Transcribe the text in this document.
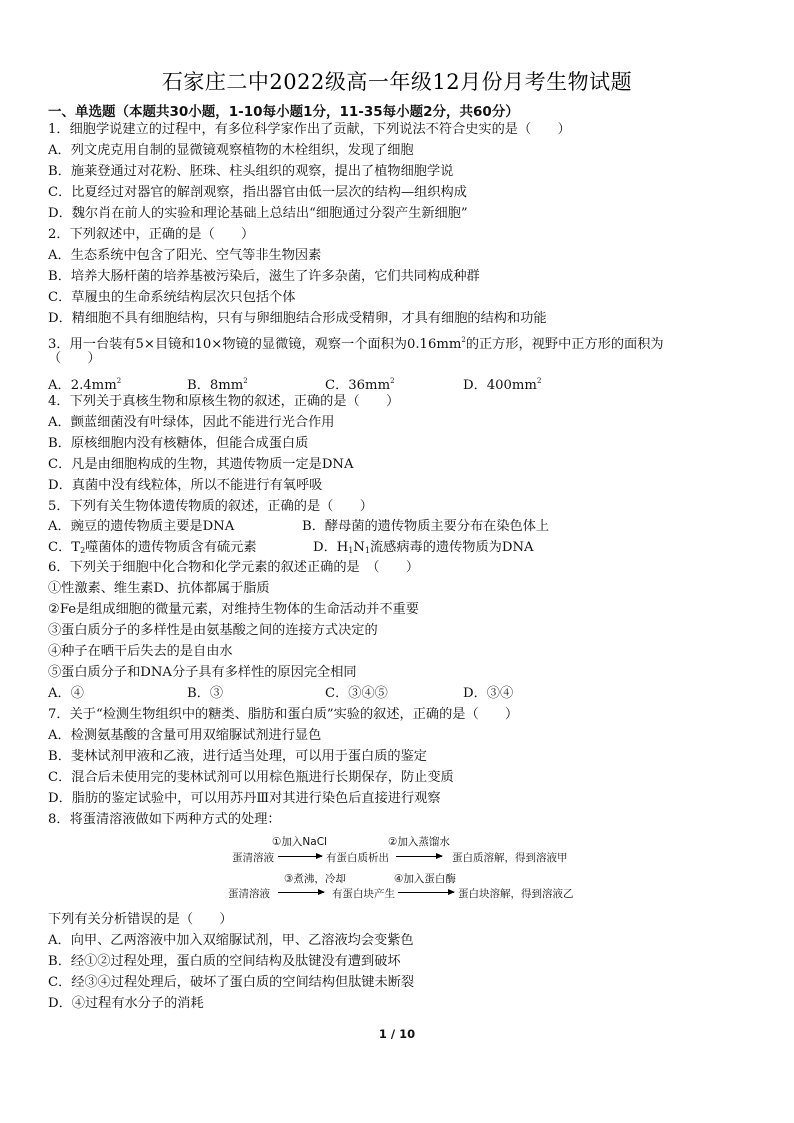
石家庄二中2022级高一年级12月份月考生物试题
一、单选题（本题共30小题，1-10每小题1分，11-35每小题2分，共60分）
1．细胞学说建立的过程中，有多位科学家作出了贡献，下列说法不符合史实的是（　　）
A．列文虎克用自制的显微镜观察植物的木栓组织，发现了细胞
B．施莱登通过对花粉、胚珠、柱头组织的观察，提出了植物细胞学说
C．比夏经过对器官的解剖观察，指出器官由低一层次的结构—组织构成
D．魏尔肖在前人的实验和理论基础上总结出“细胞通过分裂产生新细胞”
2．下列叙述中，正确的是（　　）
A．生态系统中包含了阳光、空气等非生物因素
B．培养大肠杆菌的培养基被污染后，滋生了许多杂菌，它们共同构成种群
C．草履虫的生命系统结构层次只包括个体
D．精细胞不具有细胞结构，只有与卵细胞结合形成受精卵，才具有细胞的结构和功能
3．用一台装有5×目镜和10×物镜的显微镜，观察一个面积为$0.16mm^2$的正方形，视野中正方形的面积为
（　　）
A．$2.4mm^2$	B．$8mm^2$	C．$36mm^2$	D．$400mm^2$
4．下列关于真核生物和原核生物的叙述，正确的是（　　）
A．颤蓝细菌没有叶绿体，因此不能进行光合作用
B．原核细胞内没有核糖体，但能合成蛋白质
C．凡是由细胞构成的生物，其遗传物质一定是DNA
D．真菌中没有线粒体，所以不能进行有氧呼吸
5．下列有关生物体遗传物质的叙述，正确的是（　　）
A．豌豆的遗传物质主要是DNA	B．酵母菌的遗传物质主要分布在染色体上
C．$T_2$噬菌体的遗传物质含有硫元素	D．$H_1N_1$流感病毒的遗传物质为DNA
6．下列关于细胞中化合物和化学元素的叙述正确的是　（　　）
①性激素、维生素D、抗体都属于脂质
②Fe是组成细胞的微量元素，对维持生物体的生命活动并不重要
③蛋白质分子的多样性是由氨基酸之间的连接方式决定的
④种子在晒干后失去的是自由水
⑤蛋白质分子和DNA分子具有多样性的原因完全相同
A．④	B．③	C．③④⑤	D．③④
7．关于“检测生物组织中的糖类、脂肪和蛋白质”实验的叙述，正确的是（　　）
A．检测氨基酸的含量可用双缩脲试剂进行显色
B．斐林试剂甲液和乙液，进行适当处理，可以用于蛋白质的鉴定
C．混合后未使用完的斐林试剂可以用棕色瓶进行长期保存，防止变质
D．脂肪的鉴定试验中，可以用苏丹Ⅲ对其进行染色后直接进行观察
8．将蛋清溶液做如下两种方式的处理：
蛋清溶液
①加入NaCl
有蛋白质析出
②加入蒸馏水
蛋白质溶解，得到溶液甲
蛋清溶液
③煮沸，冷却
有蛋白块产生
④加入蛋白酶
蛋白块溶解，得到溶液乙
下列有关分析错误的是（　　）
A．向甲、乙两溶液中加入双缩脲试剂，甲、乙溶液均会变紫色
B．经①②过程处理，蛋白质的空间结构及肽键没有遭到破坏
C．经③④过程处理后，破坏了蛋白质的空间结构但肽键未断裂
D．④过程有水分子的消耗
1 / 10
